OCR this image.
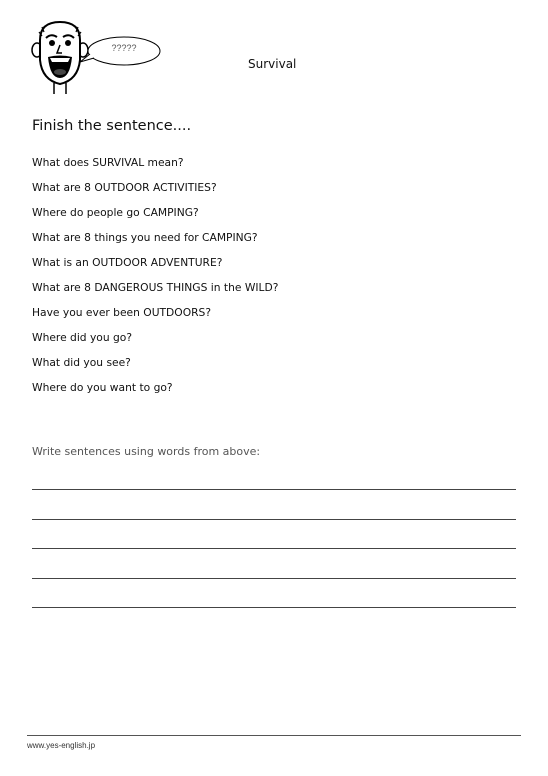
?????
Survival
Finish the sentence....
What does SURVIVAL mean?
What are 8 OUTDOOR ACTIVITIES?
Where do people go CAMPING?
What are 8 things you need for CAMPING?
What is an OUTDOOR ADVENTURE?
What are 8 DANGEROUS THINGS in the WILD?
Have you ever been OUTDOORS?
Where did you go?
What did you see?
Where do you want to go?
Write sentences using words from above:
www.yes-english.jp
